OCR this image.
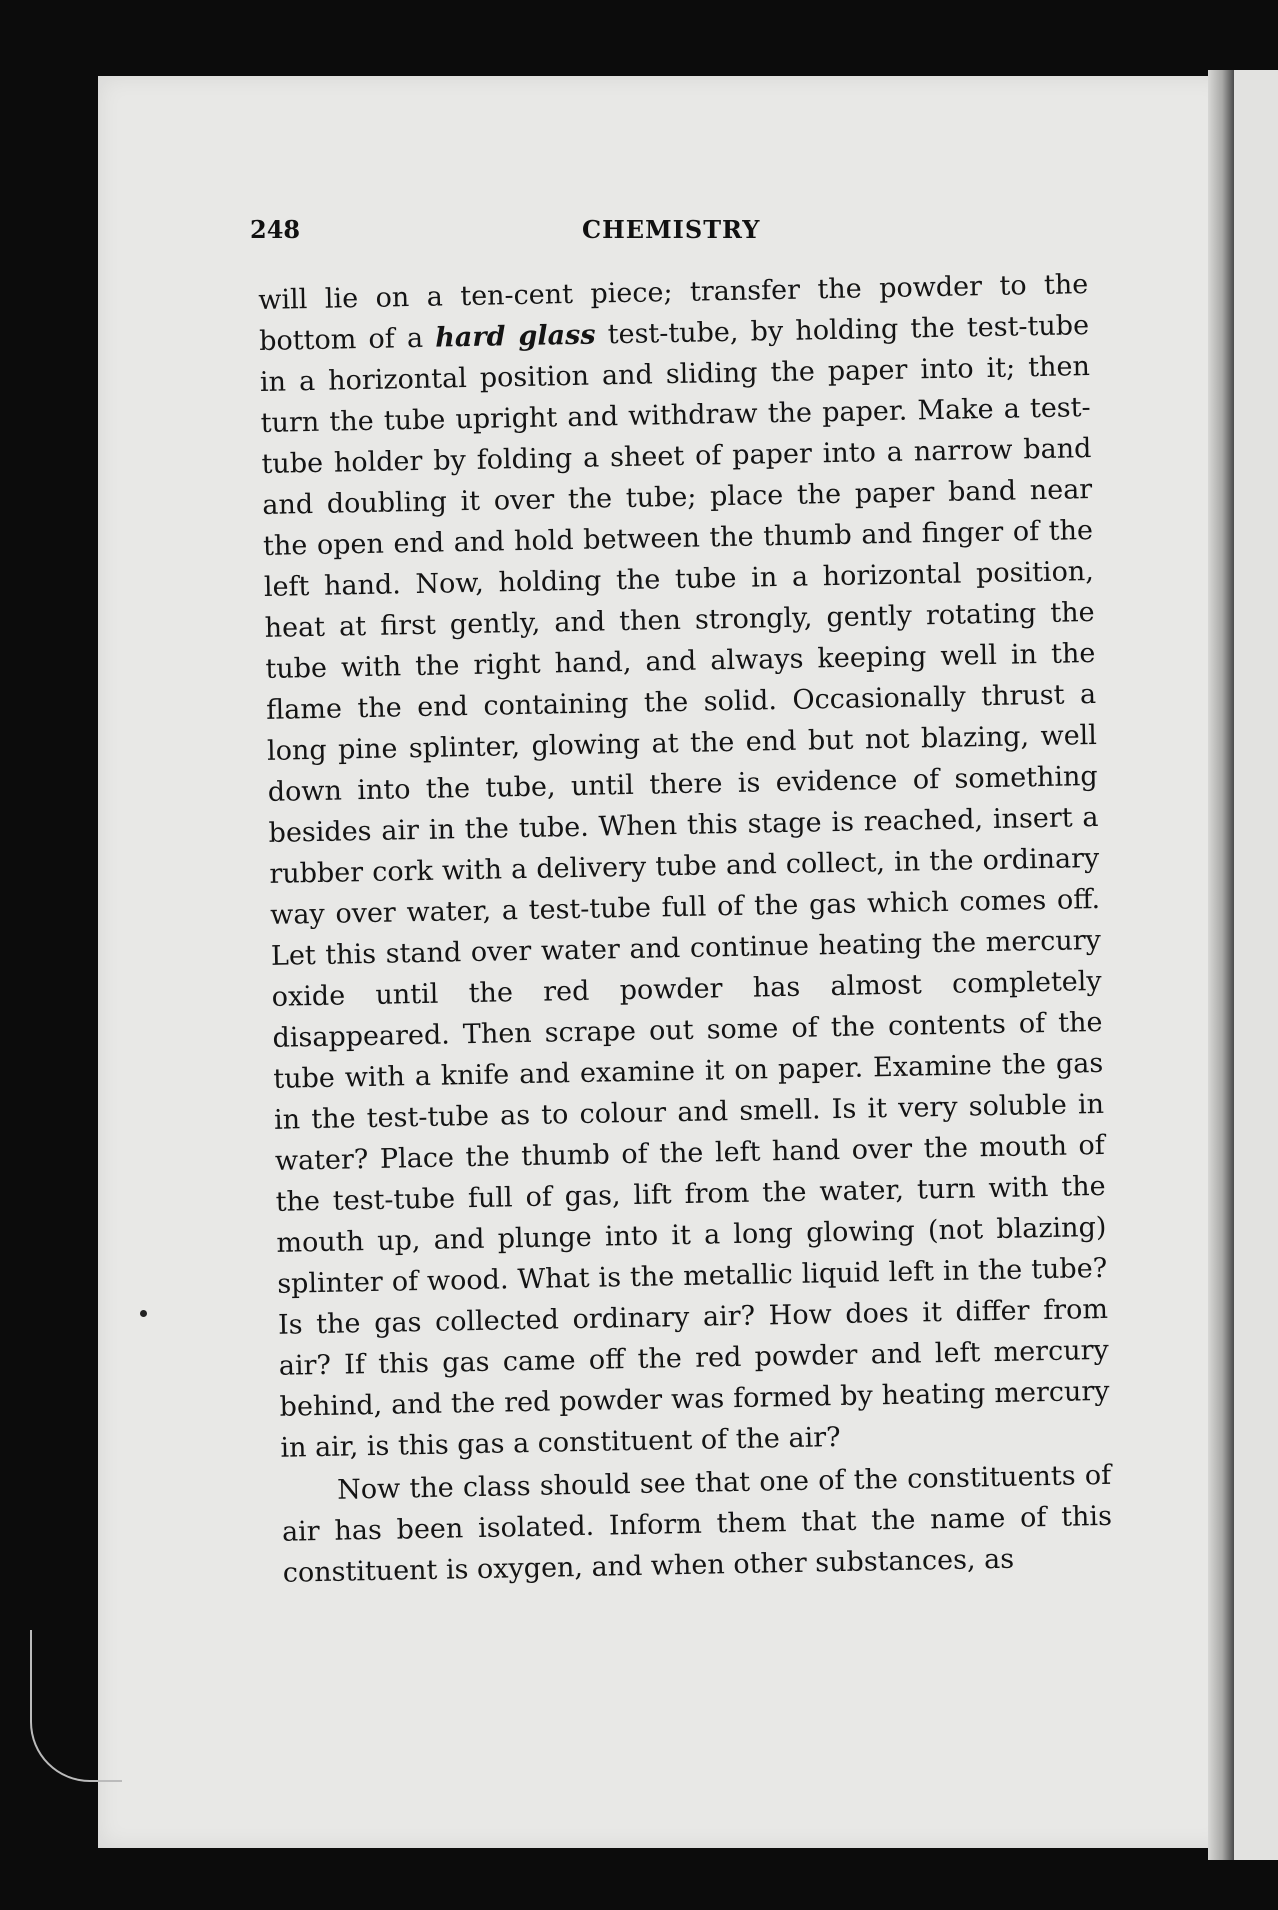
248	CHEMISTRY

will lie on a ten-cent piece; transfer the powder to the bottom of a hard glass test-tube, by holding the test-tube in a horizontal position and sliding the paper into it; then turn the tube upright and withdraw the paper. Make a test-tube holder by folding a sheet of paper into a narrow band and doubling it over the tube; place the paper band near the open end and hold between the thumb and finger of the left hand. Now, holding the tube in a horizontal position, heat at first gently, and then strongly, gently rotating the tube with the right hand, and always keeping well in the flame the end containing the solid. Occasionally thrust a long pine splinter, glowing at the end but not blazing, well down into the tube, until there is evidence of something besides air in the tube. When this stage is reached, insert a rubber cork with a delivery tube and collect, in the ordinary way over water, a test-tube full of the gas which comes off. Let this stand over water and continue heating the mercury oxide until the red powder has almost completely disappeared. Then scrape out some of the contents of the tube with a knife and examine it on paper. Examine the gas in the test-tube as to colour and smell. Is it very soluble in water? Place the thumb of the left hand over the mouth of the test-tube full of gas, lift from the water, turn with the mouth up, and plunge into it a long glowing (not blazing) splinter of wood. What is the metallic liquid left in the tube? Is the gas collected ordinary air? How does it differ from air? If this gas came off the red powder and left mercury behind, and the red powder was formed by heating mercury in air, is this gas a constituent of the air?

Now the class should see that one of the constituents of air has been isolated. Inform them that the name of this constituent is oxygen, and when other substances, as
